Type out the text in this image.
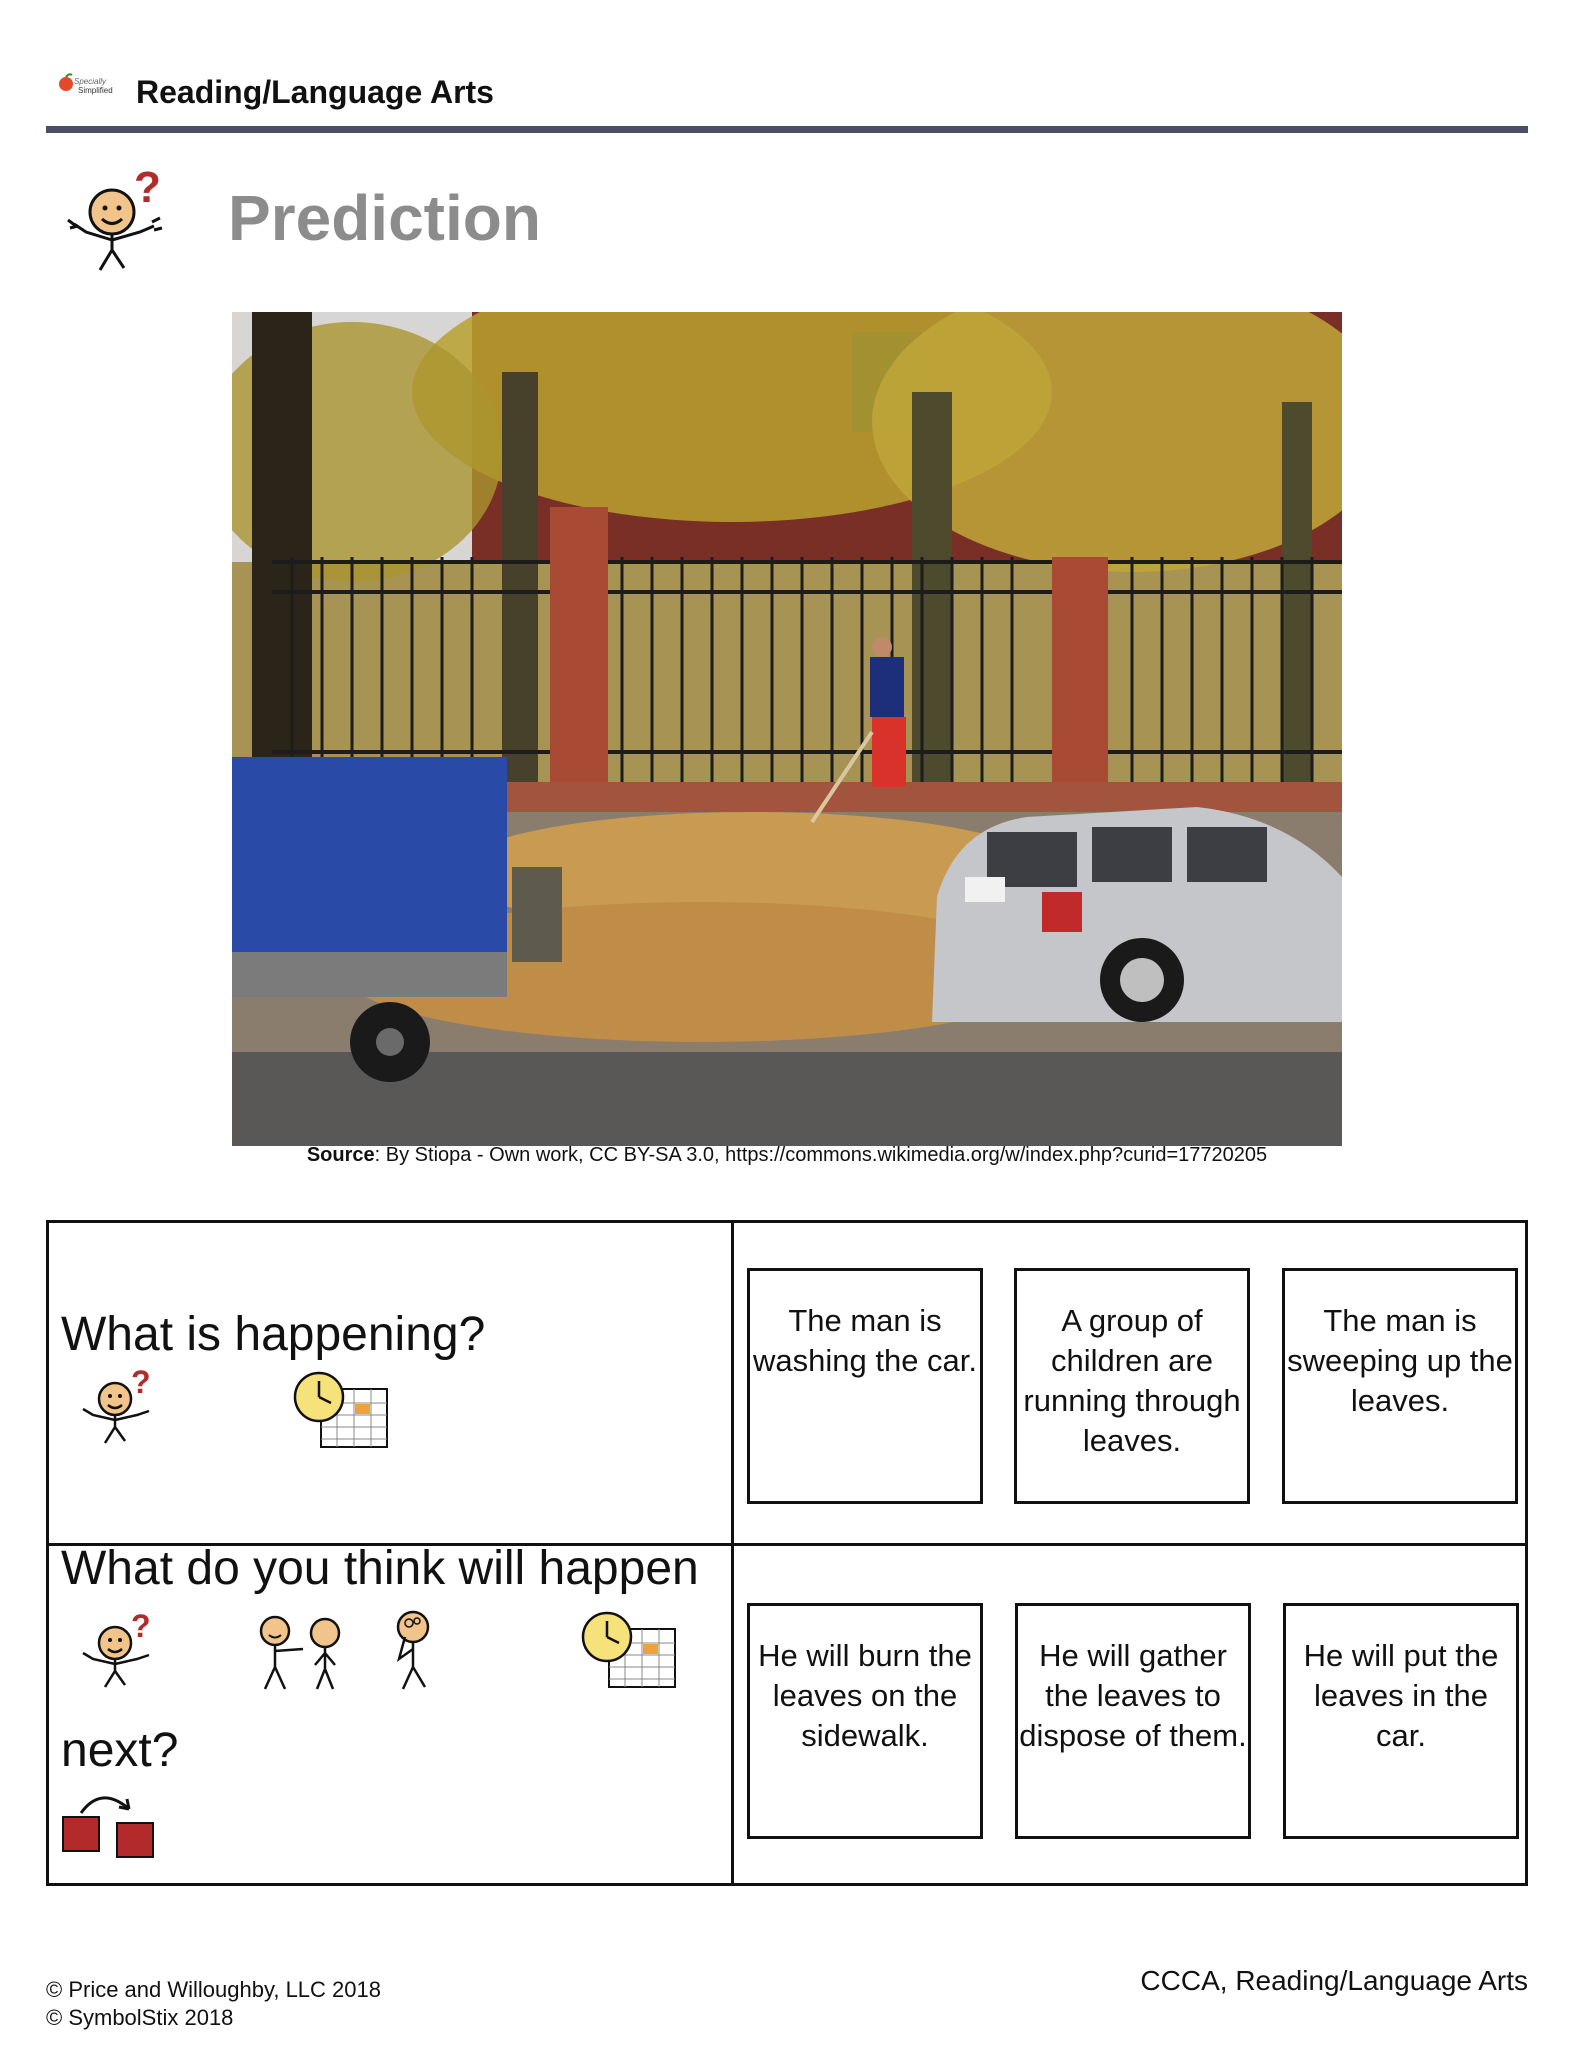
Specially
Simplified Reading/Language Arts
? Prediction
Source: By Stiopa - Own work, CC BY-SA 3.0, https://commons.wikimedia.org/w/index.php?curid=17720205
What is happening?
?
The man is washing the car.
A group of children are running through leaves.
The man is sweeping up the leaves.
What do you think will happen
?
next?
He will burn the leaves on the sidewalk.
He will gather the leaves to dispose of them.
He will put the leaves in the car.
© Price and Willoughby, LLC 2018
© SymbolStix 2018
CCCA, Reading/Language Arts
